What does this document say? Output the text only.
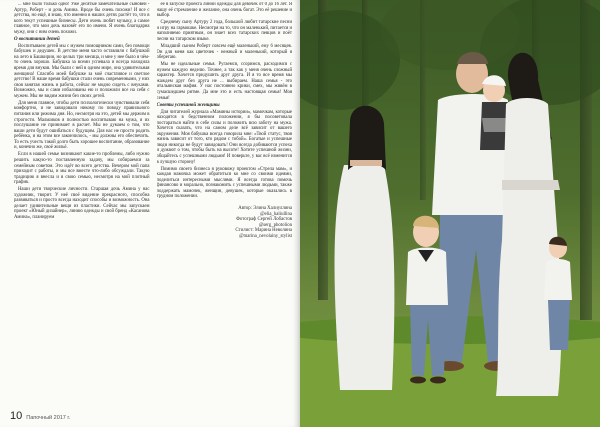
... мне было только одно! Уже десятые замечательные сыновей - Артур, Роберт - и дочь Амина. Вроде бы очень похожи! И все с детства, но ещё, я знаю, что именно в наших детях растёт то, что в кого текут успешные бизнесы. Дети очень любят музыку, а самое главное, что мои дочь назовёт его по имени. Я очень благодарна мужу, они с ним очень похожи.

О воспитании детей

Воспитываем детей мы с мужем помощником сами, без помощи бабушек и дедушек. В детстве меня часто оставляли с бабушкой на лето в Башкирии, но целых три месяца, и мне у нее было в чём-то очень хорошо. Бабушка за всеми успевала и всегда находила время для внуков. Мы были с ней в одном мире, она удивительная женщина! Спасибо моей бабушке за моё счастливое и светлое детство! В наше время бабушки стали очень современными, у них своя занятая жизнь и работа, сейчас не модно сидеть с внуками. Возможно, мы и сами избалованы ею и положили все на себя с мужем. Мы не видим жизни без своих детей.

Для меня главное, чтобы дети психологически чувствовали себя комфортно, и не завидовали никому по поводу правильного питания или режима дня. Но, несмотря на это, детей мы держим в строгости. Мальчиков я полностью воспитываю на мужа, я их послушание не принимает в расчет. Мы не думаем о том, что ваши дети будут ошибаться с будущим. Для нас не просто родить ребёнка, и на этом все закончилось, - мы должны его обеспечить. То есть учесть такой долго быть хорошее воспитание, образование и, конечно же, своё жильё.

Если в нашей семье возникают какие-то проблемы, либо нужно решить какую-то поставленную задачу, мы собираемся за семейным советом. Это идёт во всего детства. Вечером мой папа приходит с работы, и мы все вместе что-либо обсуждали. Такую традицию я внесла и в свою семью, несмотря на мой плотный график.

Наши дети творческие личности. Старшая дочь Амина у нас художник, творит. У неё своё видение прекрасного, способна развиваться и просто всегда находит способы и возможность. Она делает удивительные вещи из пластики. Сейчас мы запускаем проект «Юный дизайнер», линию одежды и свой бренд «Касанова Амина», планируем

её в запуске проекта линии одежды для девочек от 0 до 16 лет. Я нашу её стремление и желание, она очень богат. Это её решение и выбор.

Среднему сыну Артуру 2 года, большой любит татарские песни и игру на гармошке. Несмотря на то, что он маленький, питается и наполняемо приятным, он знает всех татарских певцов и поёт песни на татарском языке.

Младший сыном Роберт совсем ещё маленький, ему 6 месяцев. Он для меня как цветочек - нежный и маленький, который я оберегаю.

Мы не идеальные семья. Ругаемся, ссоримся, расходимся с мужем каждую неделю. Точнее, а так как у меня очень сложный характер. Хочется придушить друг друга. И я то все время мы жаждем друг без друга не ... выбираем. Наша семья - это итальянская мафия. У нас постоянно крики, смех, мы живём в сумасшедшем ритме. Да мне это и есть настоящая семья! Моя семья!

Советы успешной женщины

Для читателей журнала «Мамины истории», мамочкам, которые находятся в бедственном положении, я бы посоветовала постараться найти в себе силы и положить всю заботу на мужа. Хочется сказать, что на самом деле всё зависит от вашего окружения. Моя бабушка всегда говорила мне: «Твой статус, твоя жизнь зависит от того, кто рядом с тобой». Богатые и успешные люди никогда не будут завидовать! Они всегда добиваются успеха и думают о том, чтобы быть на высоте! Хотите успешной жизни, общайтесь с успешными людьми! И поверьте, у вас всё изменится в лучшую сторону!

Помимо своего бизнеса я руковожу проектом «Стрела мам», и каждая мамочка может обратиться ко мне со своими идеями, поделиться интересными мыслями. Я всегда готова помочь финансово и морально, познакомить с успешными людьми, также поддержать мамочек, женщин, девушек, которые оказались в трудном положении.

Автор: Элина Халиуллина
@elia_haliullina
Фотограф Сергей Лобастов
@serg_photolion
Стилист: Марина Неволина
@marina_nevolainy_stylist
10 Папочный 2017 г.
